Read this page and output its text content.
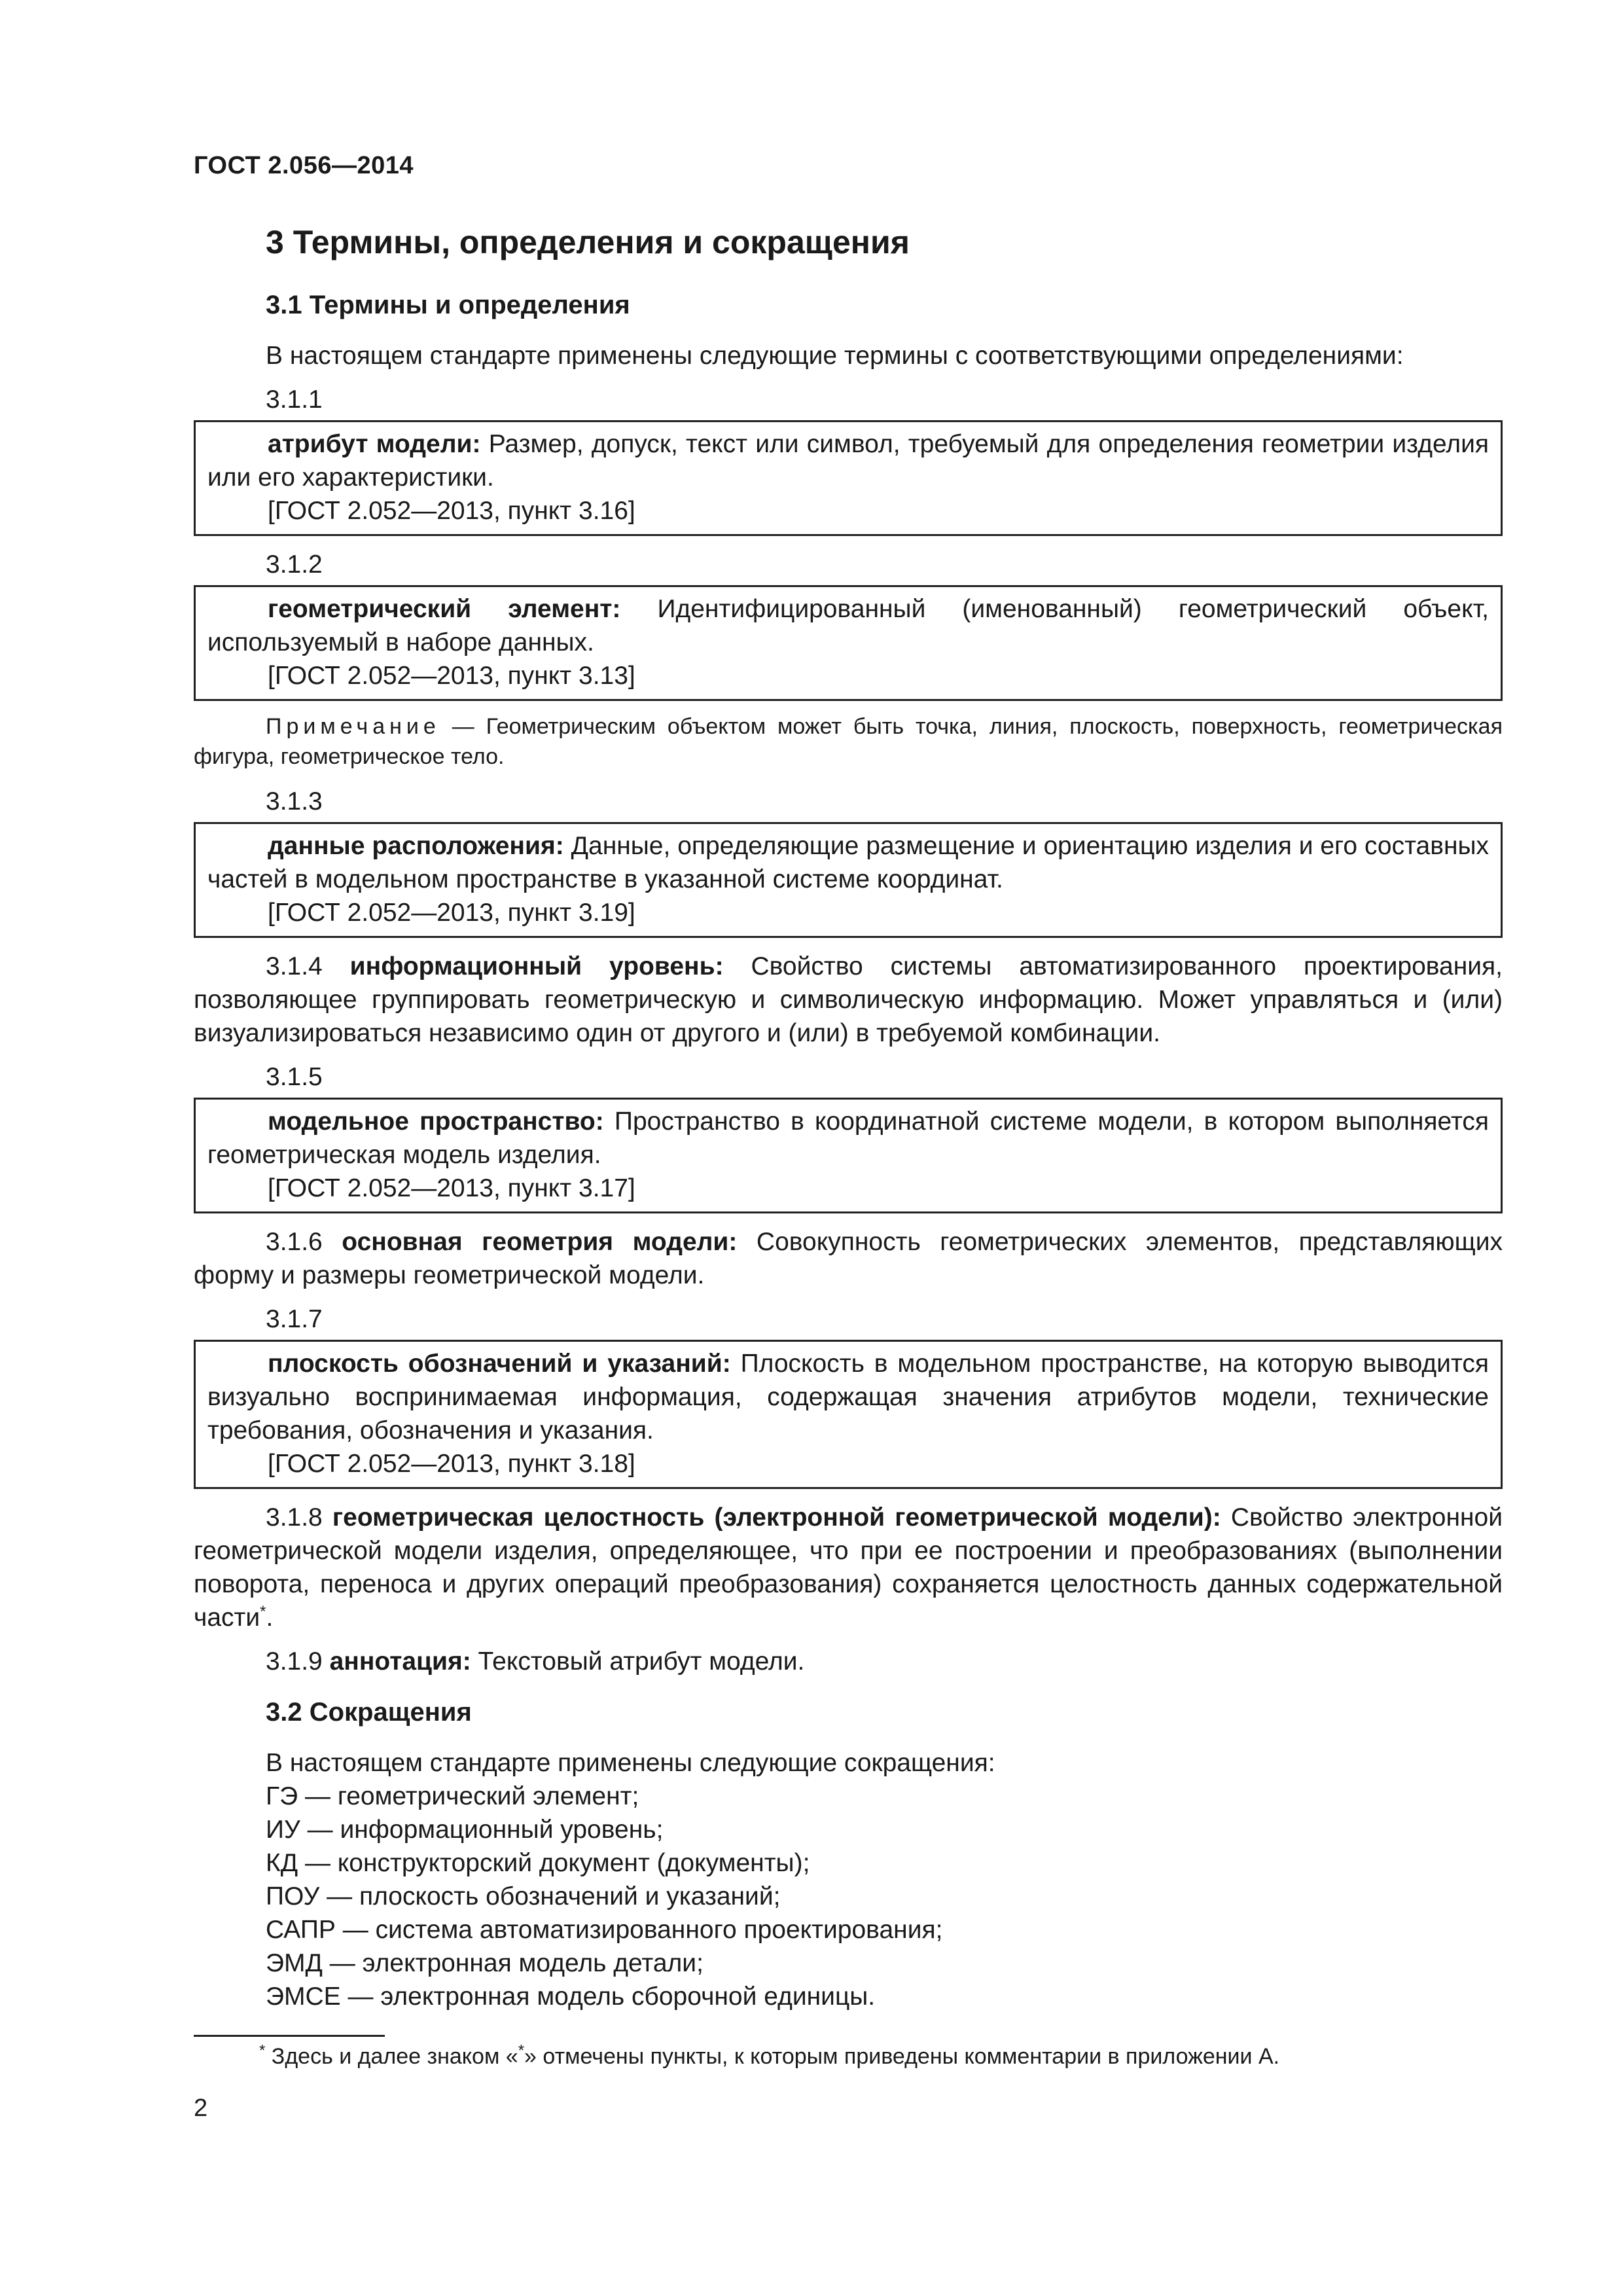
ГОСТ 2.056—2014
3 Термины, определения и сокращения
3.1 Термины и определения
В настоящем стандарте применены следующие термины с соответствующими определениями:
3.1.1

атрибут модели: Размер, допуск, текст или символ, требуемый для определения геометрии изделия или его характеристики.

[ГОСТ 2.052—2013, пункт 3.16]
3.1.2

геометрический элемент: Идентифицированный (именованный) геометрический объект, используемый в наборе данных.

[ГОСТ 2.052—2013, пункт 3.13]
Примечание — Геометрическим объектом может быть точка, линия, плоскость, поверхность, геометрическая фигура, геометрическое тело.
3.1.3

данные расположения: Данные, определяющие размещение и ориентацию изделия и его составных частей в модельном пространстве в указанной системе координат.

[ГОСТ 2.052—2013, пункт 3.19]
3.1.4 информационный уровень: Свойство системы автоматизированного проектирования, позволяющее группировать геометрическую и символическую информацию. Может управляться и (или) визуализироваться независимо один от другого и (или) в требуемой комбинации.
3.1.5

модельное пространство: Пространство в координатной системе модели, в котором выполняется геометрическая модель изделия.

[ГОСТ 2.052—2013, пункт 3.17]
3.1.6 основная геометрия модели: Совокупность геометрических элементов, представляющих форму и размеры геометрической модели.
3.1.7

плоскость обозначений и указаний: Плоскость в модельном пространстве, на которую выводится визуально воспринимаемая информация, содержащая значения атрибутов модели, технические требования, обозначения и указания.

[ГОСТ 2.052—2013, пункт 3.18]
3.1.8 геометрическая целостность (электронной геометрической модели): Свойство электронной геометрической модели изделия, определяющее, что при ее построении и преобразованиях (выполнении поворота, переноса и других операций преобразования) сохраняется целостность данных содержательной части*.
3.1.9 аннотация: Текстовый атрибут модели.
3.2 Сокращения
В настоящем стандарте применены следующие сокращения:
ГЭ — геометрический элемент;
ИУ — информационный уровень;
КД — конструкторский документ (документы);
ПОУ — плоскость обозначений и указаний;
САПР — система автоматизированного проектирования;
ЭМД — электронная модель детали;
ЭМСЕ — электронная модель сборочной единицы.
* Здесь и далее знаком «*» отмечены пункты, к которым приведены комментарии в приложении А.
2
